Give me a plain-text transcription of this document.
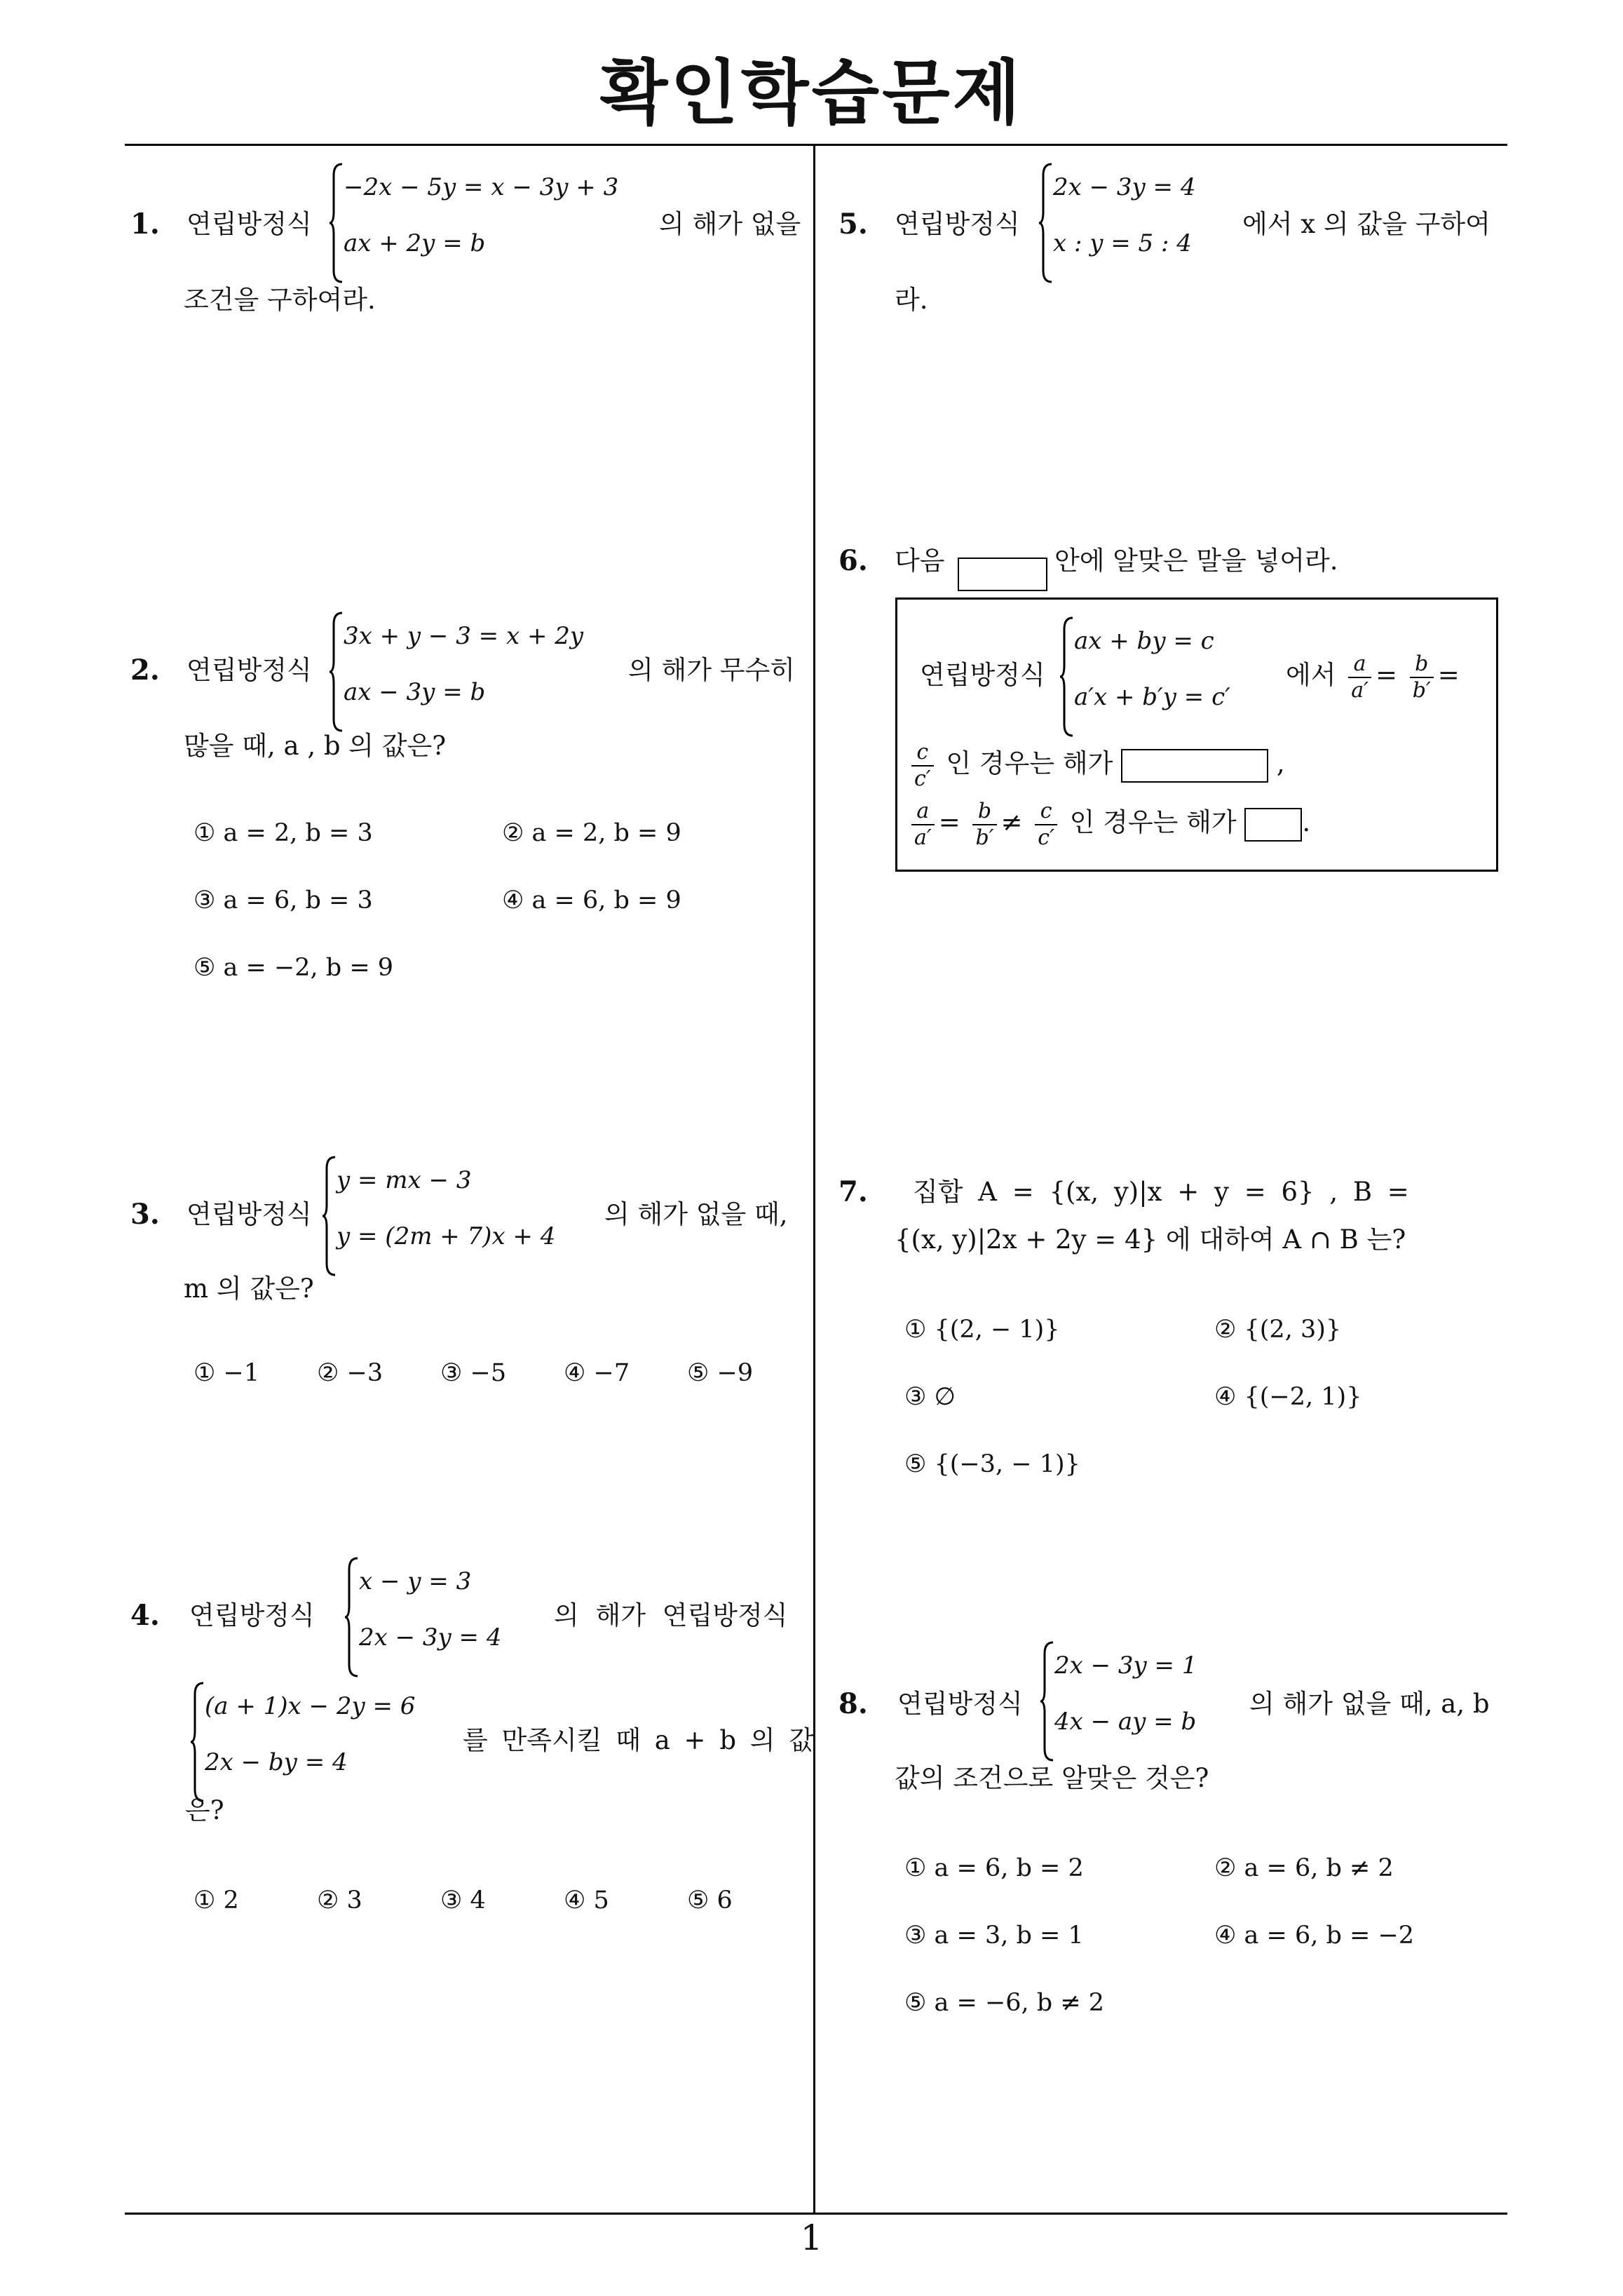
확인학습문제
1
1. 연립방정식
−2x − 5y = x − 3y + 3
ax + 2y = b
의 해가 없을
조건을 구하여라.
2. 연립방정식
3x + y − 3 = x + 2y
ax − 3y = b
의 해가 무수히
많을 때, a , b 의 값은?
① a = 2, b = 3	② a = 2, b = 9
③ a = 6, b = 3	④ a = 6, b = 9
⑤ a = −2, b = 9
3. 연립방정식
y = mx − 3
y = (2m + 7)x + 4
의 해가 없을 때,
m 의 값은?
① −1 ② −3 ③ −5 ④ −7 ⑤ −9
4. 연립방정식
x − y = 3
2x − 3y = 4
의 해가 연립방정식
(a + 1)x − 2y = 6
2x − by = 4
를 만족시킬 때 a + b 의 값
은?
① 2	② 3	③ 4	④ 5	⑤ 6
5. 연립방정식
2x − 3y = 4
x : y = 5 : 4
에서 x 의 값을 구하여
라.
6. 다음	안에 알맞은 말을 넣어라.
연립방정식
ax + by = c
a′x + b′y = c′
에서 $\frac{a}{a'} = \frac{b}{b'}$ =
$\frac{c}{c'}$ 인 경우는 해가	,
$\frac{a}{a'} = \frac{b}{b'} \ne \frac{c}{c'}$ 인 경우는 해가	.
7. 집합 A = {(x, y)|x + y = 6} , B =
{(x, y)|2x + 2y = 4} 에 대하여 A ∩ B 는?
① {(2, − 1)}	② {(2, 3)}
③ ∅	④ {(−2, 1)}
⑤ {(−3, − 1)}
8. 연립방정식
2x − 3y = 1
4x − ay = b
의 해가 없을 때, a, b
값의 조건으로 알맞은 것은?
① a = 6, b = 2	② a = 6, b ≠ 2
③ a = 3, b = 1	④ a = 6, b = −2
⑤ a = −6, b ≠ 2
